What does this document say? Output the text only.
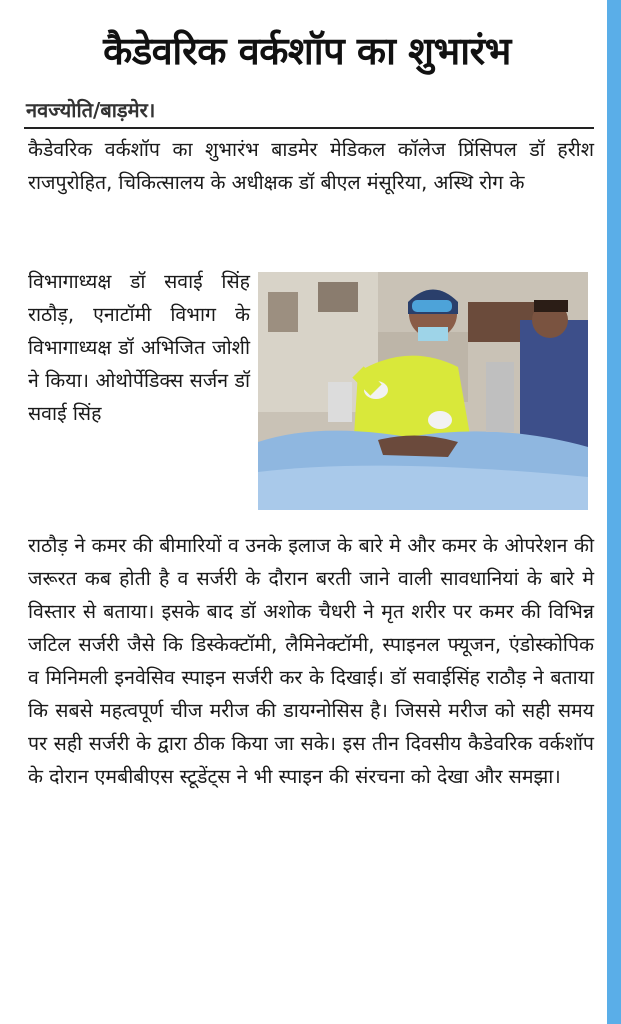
कैडेवरिक वर्कशॉप का शुभारंभ
नवज्योति/बाड़मेर।

कैडेवरिक वर्कशॉप का शुभारंभ बाडमेर मेडिकल कॉलेज प्रिंसिपल डॉ हरीश राजपुरोहित, चिकित्सालय के अधीक्षक डॉ बीएल मंसूरिया, अस्थि रोग के

विभागाध्यक्ष डॉ सवाई सिंह राठौड़, एनाटॉमी विभाग के विभागाध्यक्ष डॉ अभिजित जोशी ने किया। ओथोर्पेडिक्स सर्जन डॉ सवाई सिंह

राठौड़ ने कमर की बीमारियों व उनके इलाज के बारे मे और कमर के ओपरेशन की जरूरत कब होती है व सर्जरी के दौरान बरती जाने वाली सावधानियां के बारे मे विस्तार से बताया। इसके बाद डॉ अशोक चैधरी ने मृत शरीर पर कमर की विभिन्न जटिल सर्जरी जैसे कि डिस्केक्टॉमी, लैमिनेक्टॉमी, स्पाइनल फ्यूजन, एंडोस्कोपिक व मिनिमली इनवेसिव स्पाइन सर्जरी कर के दिखाई। डॉ सवाईसिंह राठौड़ ने बताया कि सबसे महत्वपूर्ण चीज मरीज की डायग्नोसिस है। जिससे मरीज को सही समय पर सही सर्जरी के द्वारा ठीक किया जा सके। इस तीन दिवसीय कैडेवरिक वर्कशॉप के दोरान एमबीबीएस स्टूडेंट्स ने भी स्पाइन की संरचना को देखा और समझा।
